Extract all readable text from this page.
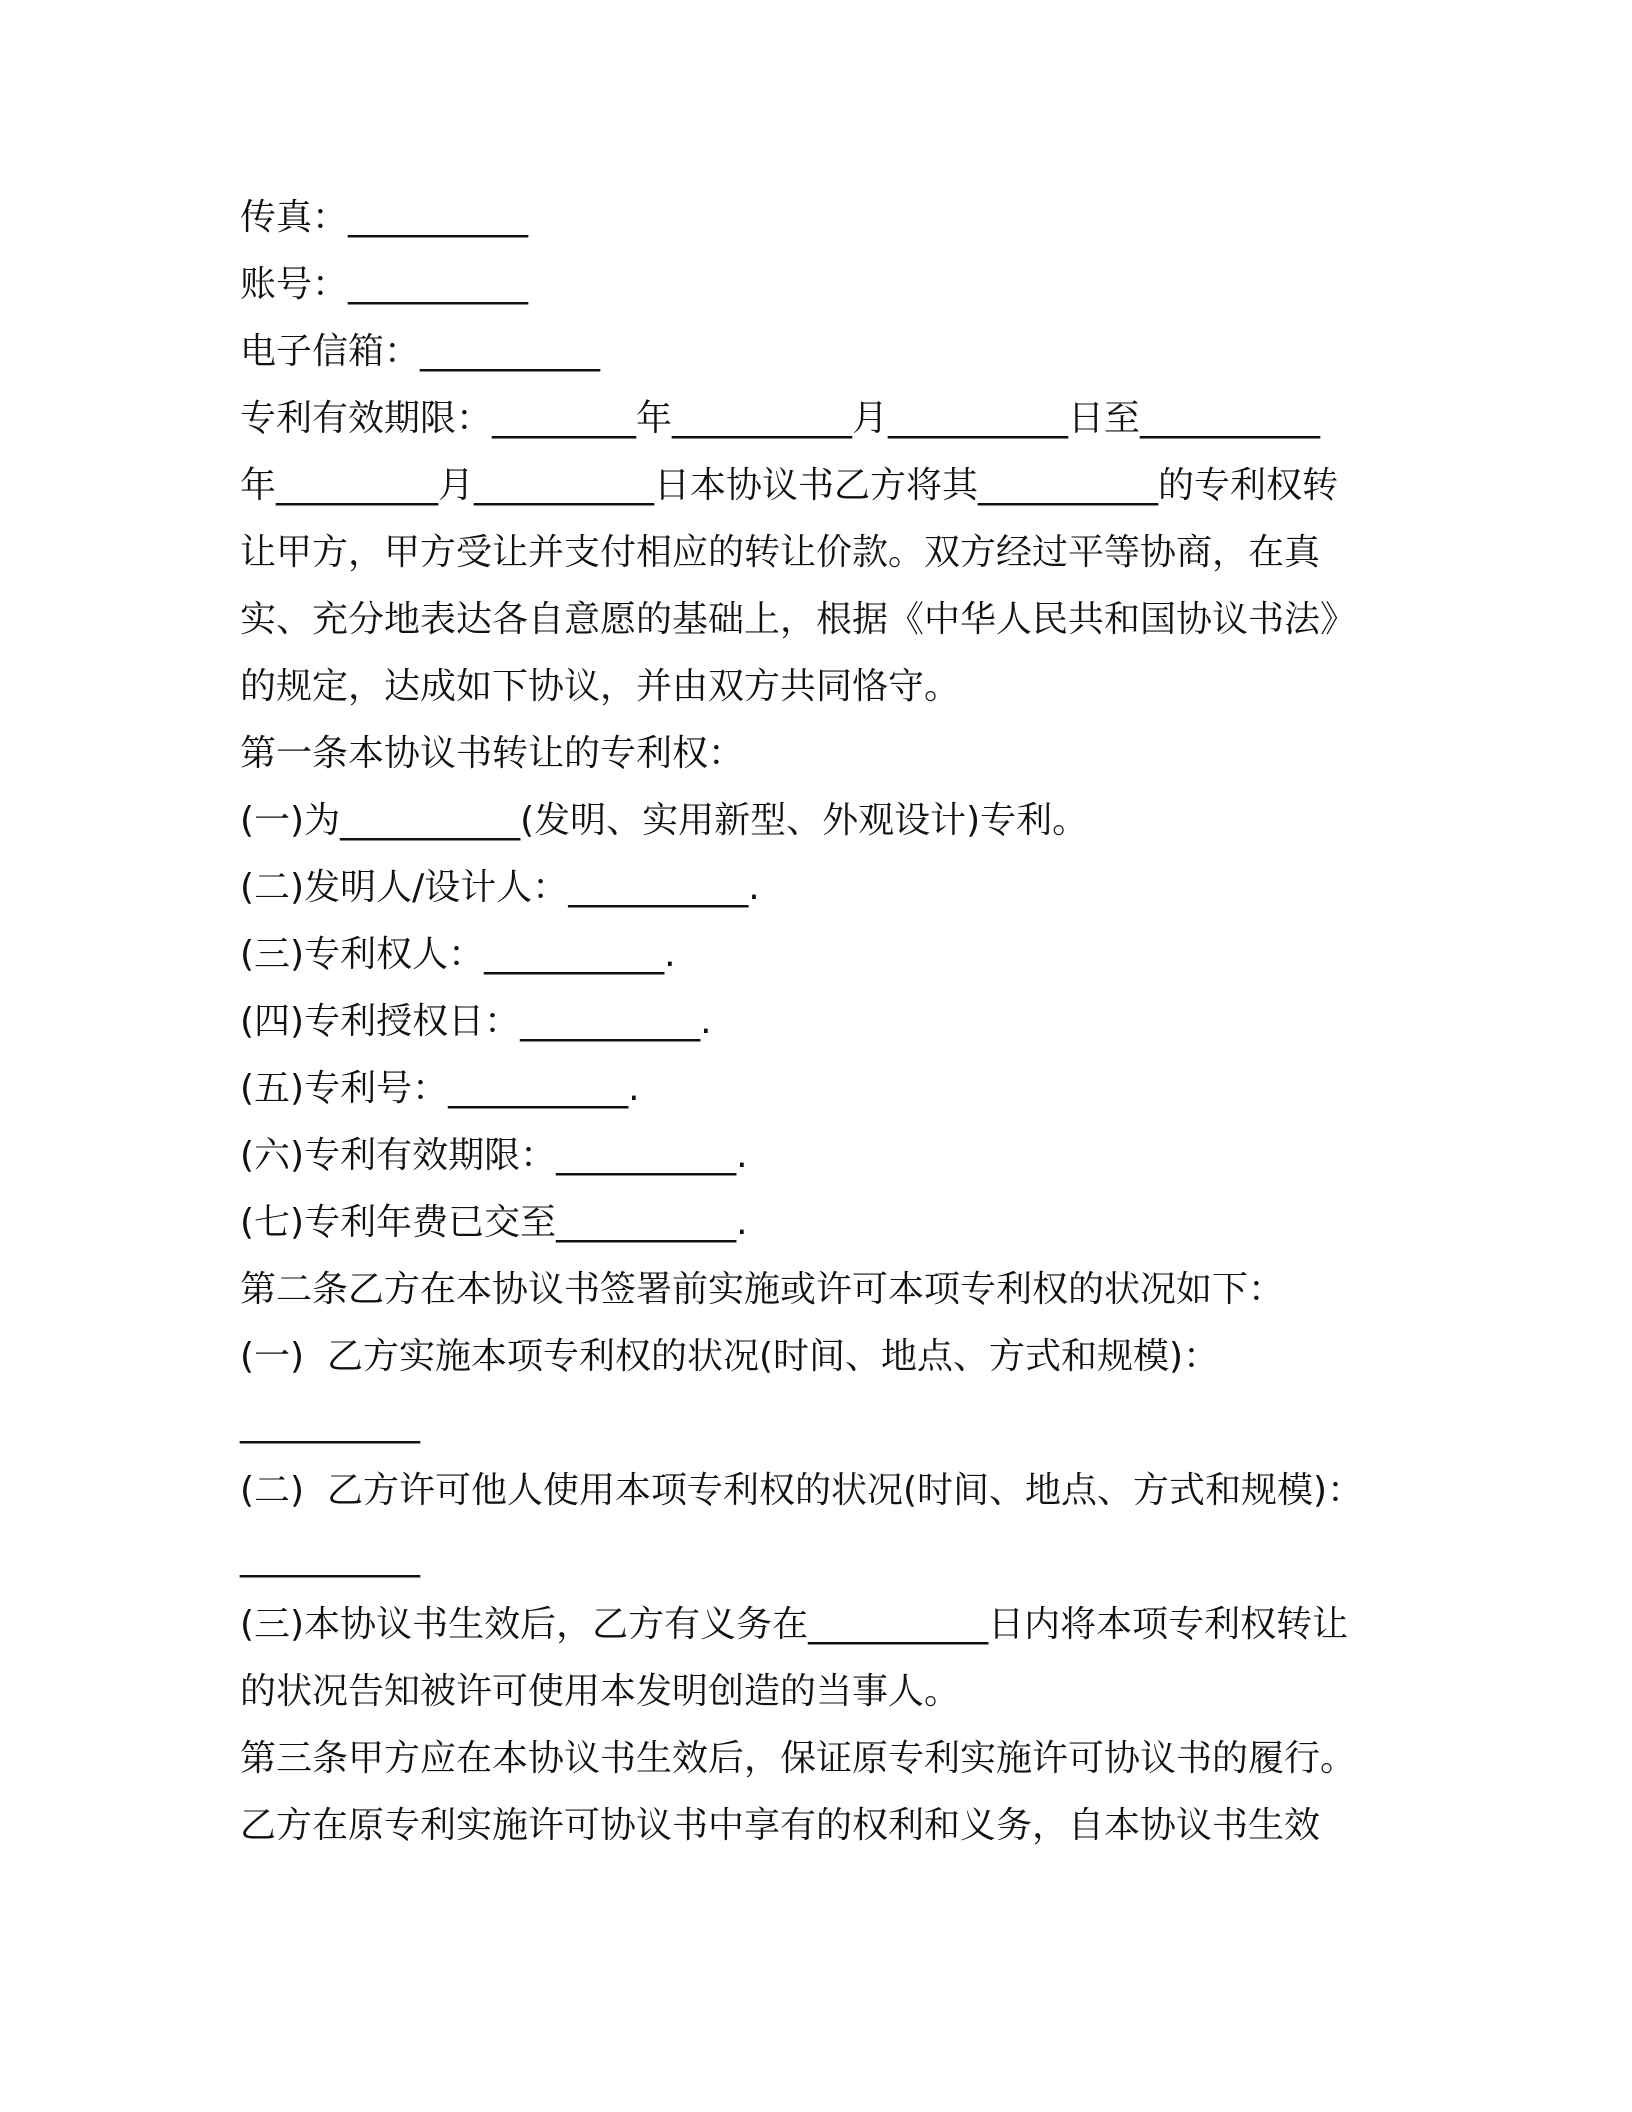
传真：__________
账号：__________
电子信箱：__________
专利有效期限：________年__________月__________日至__________
年_________月__________日本协议书乙方将其__________的专利权转
让甲方，甲方受让并支付相应的转让价款。双方经过平等协商，在真
实、充分地表达各自意愿的基础上，根据《中华人民共和国协议书法》
的规定，达成如下协议，并由双方共同恪守。
第一条本协议书转让的专利权：
(一)为__________(发明、实用新型、外观设计)专利。
(二)发明人/设计人：__________.
(三)专利权人：__________.
(四)专利授权日：__________.
(五)专利号：__________.
(六)专利有效期限：__________.
(七)专利年费已交至__________.
第二条乙方在本协议书签署前实施或许可本项专利权的状况如下：
(一)  乙方实施本项专利权的状况(时间、地点、方式和规模)：
__________
(二)  乙方许可他人使用本项专利权的状况(时间、地点、方式和规模)：
__________
(三)本协议书生效后，乙方有义务在__________日内将本项专利权转让
的状况告知被许可使用本发明创造的当事人。
第三条甲方应在本协议书生效后，保证原专利实施许可协议书的履行。
乙方在原专利实施许可协议书中享有的权利和义务，自本协议书生效
